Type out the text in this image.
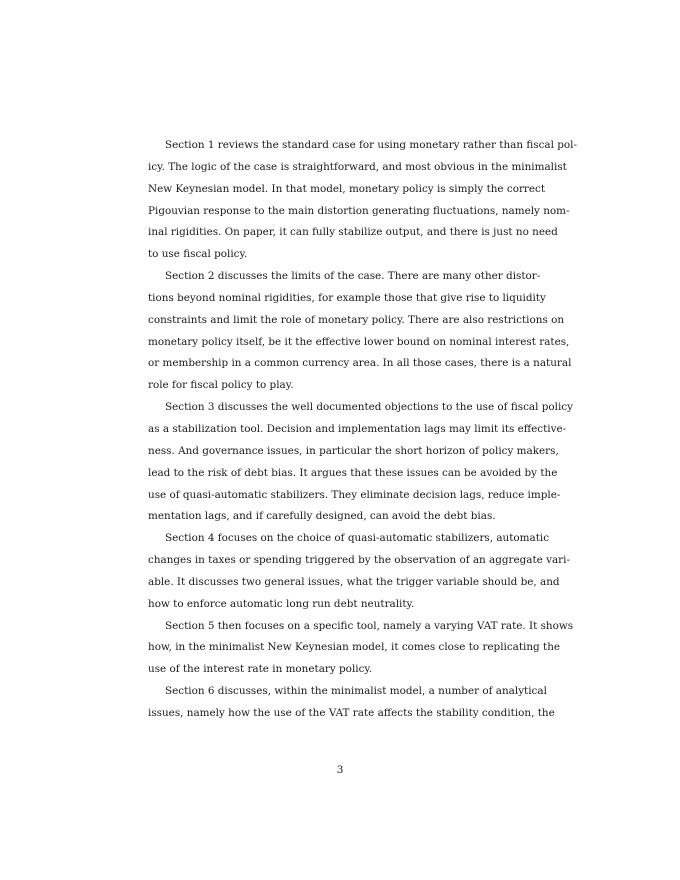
Section 1 reviews the standard case for using monetary rather than fiscal pol-
icy. The logic of the case is straightforward, and most obvious in the minimalist
New Keynesian model. In that model, monetary policy is simply the correct
Pigouvian response to the main distortion generating fluctuations, namely nom-
inal rigidities. On paper, it can fully stabilize output, and there is just no need
to use fiscal policy.
Section 2 discusses the limits of the case. There are many other distor-
tions beyond nominal rigidities, for example those that give rise to liquidity
constraints and limit the role of monetary policy. There are also restrictions on
monetary policy itself, be it the effective lower bound on nominal interest rates,
or membership in a common currency area. In all those cases, there is a natural
role for fiscal policy to play.
Section 3 discusses the well documented objections to the use of fiscal policy
as a stabilization tool. Decision and implementation lags may limit its effective-
ness. And governance issues, in particular the short horizon of policy makers,
lead to the risk of debt bias. It argues that these issues can be avoided by the
use of quasi-automatic stabilizers. They eliminate decision lags, reduce imple-
mentation lags, and if carefully designed, can avoid the debt bias.
Section 4 focuses on the choice of quasi-automatic stabilizers, automatic
changes in taxes or spending triggered by the observation of an aggregate vari-
able. It discusses two general issues, what the trigger variable should be, and
how to enforce automatic long run debt neutrality.
Section 5 then focuses on a specific tool, namely a varying VAT rate. It shows
how, in the minimalist New Keynesian model, it comes close to replicating the
use of the interest rate in monetary policy.
Section 6 discusses, within the minimalist model, a number of analytical
issues, namely how the use of the VAT rate affects the stability condition, the
3
